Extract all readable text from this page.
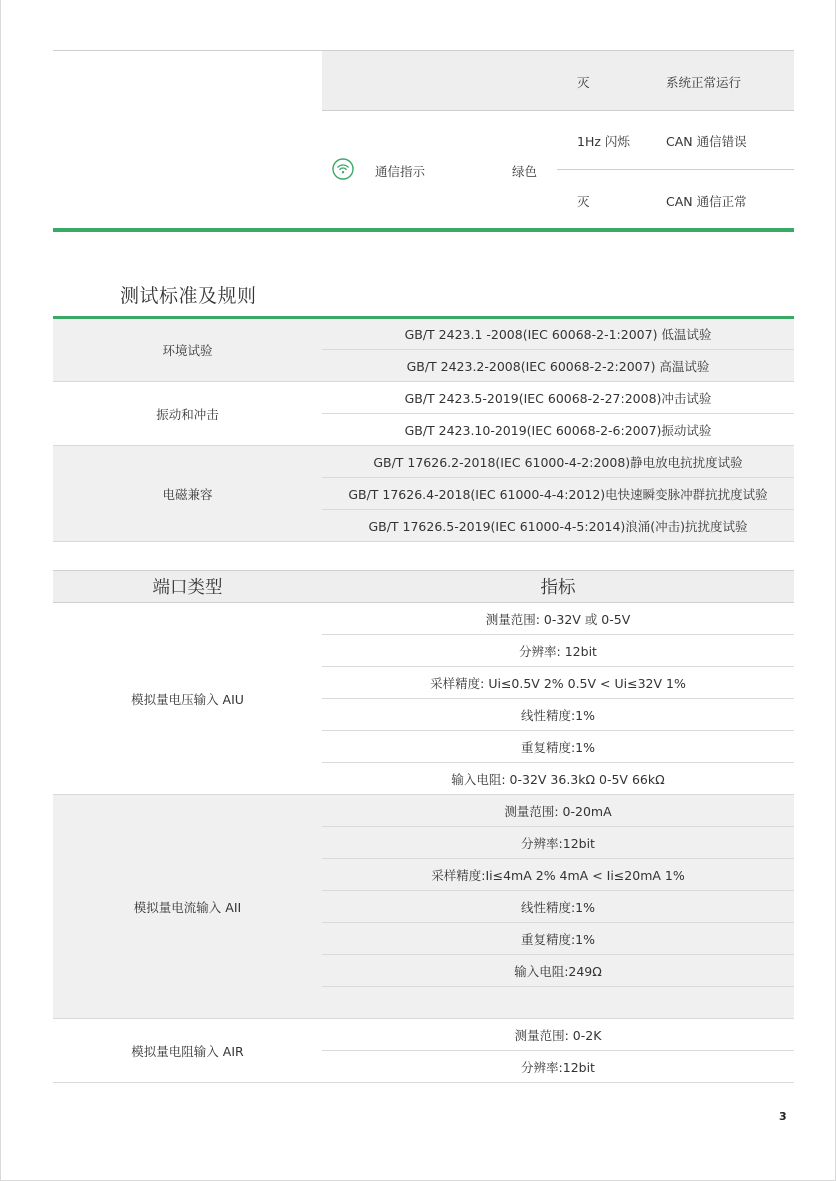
灭	系统正常运行
通信指示	绿色
1Hz 闪烁	CAN 通信错误
灭	CAN 通信正常
测试标准及规则
环境试验	GB/T 2423.1 -2008(IEC 60068-2-1:2007) 低温试验
	GB/T 2423.2-2008(IEC 60068-2-2:2007) 高温试验
振动和冲击	GB/T 2423.5-2019(IEC 60068-2-27:2008)冲击试验
	GB/T 2423.10-2019(IEC 60068-2-6:2007)振动试验
电磁兼容	GB/T 17626.2-2018(IEC 61000-4-2:2008)静电放电抗扰度试验
	GB/T 17626.4-2018(IEC 61000-4-4:2012)电快速瞬变脉冲群抗扰度试验
	GB/T 17626.5-2019(IEC 61000-4-5:2014)浪涌(冲击)抗扰度试验
端口类型	指标
模拟量电压输入 AIU	测量范围: 0-32V 或 0-5V
	分辨率: 12bit
	采样精度: Ui≤0.5V 2% 0.5V < Ui≤32V 1%
	线性精度:1%
	重复精度:1%
	输入电阻: 0-32V 36.3kΩ 0-5V 66kΩ
模拟量电流输入 AII	测量范围: 0-20mA
	分辨率:12bit
	采样精度:Ii≤4mA 2% 4mA < Ii≤20mA 1%
	线性精度:1%
	重复精度:1%
	输入电阻:249Ω

模拟量电阻输入 AIR	测量范围: 0-2K
	分辨率:12bit
3
